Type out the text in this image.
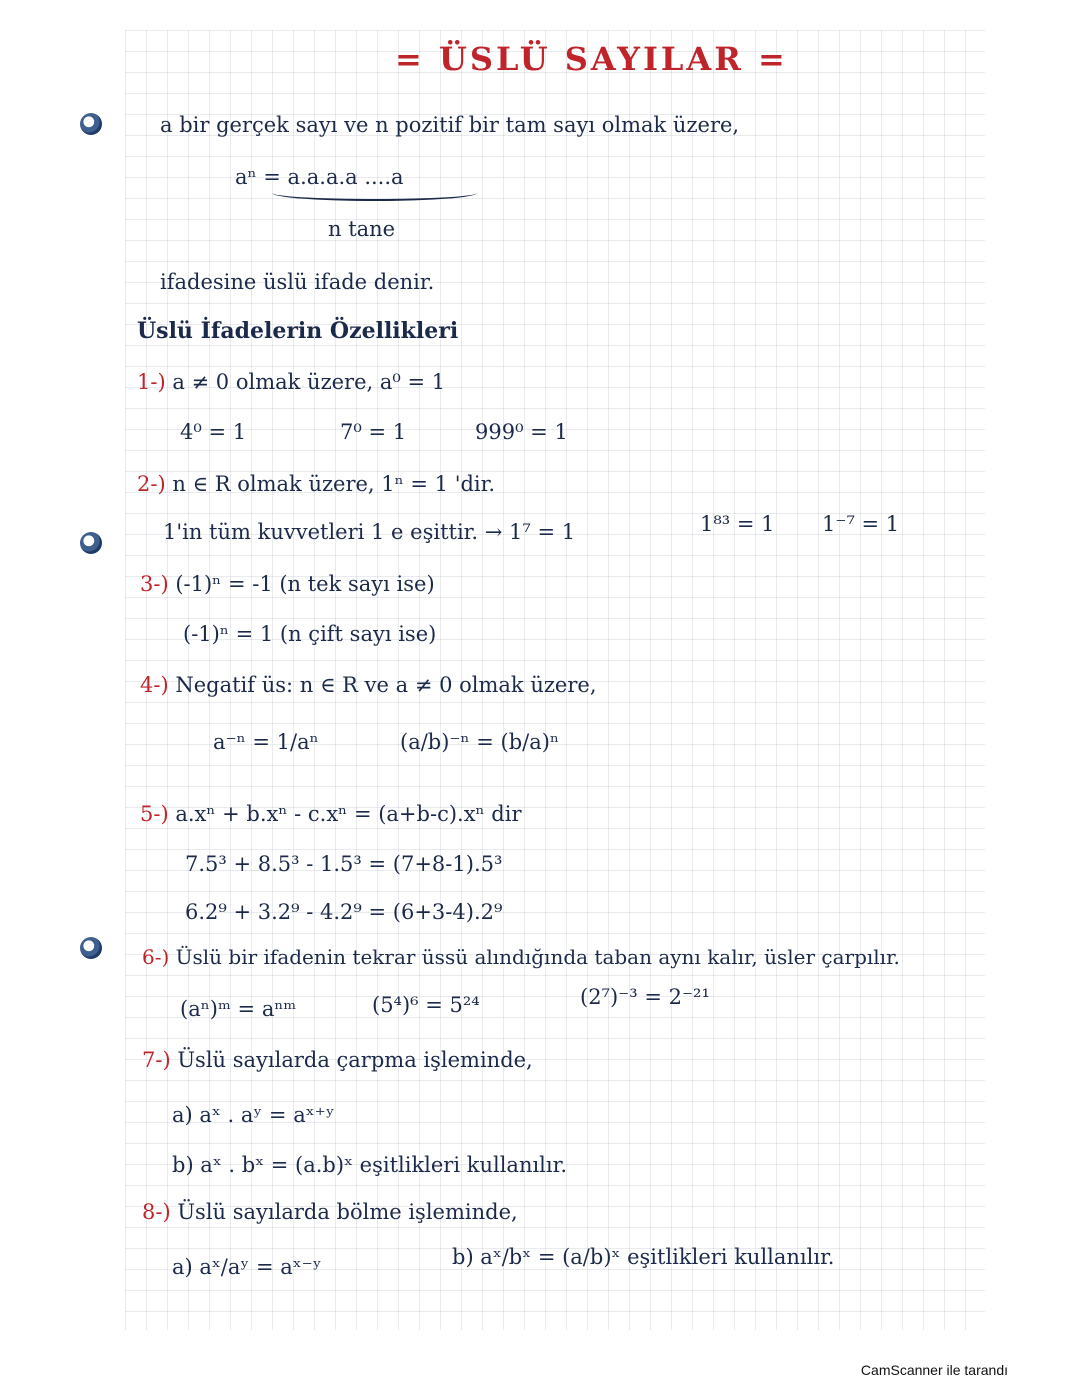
= ÜSLÜ SAYILAR =
a bir gerçek sayı ve n pozitif bir tam sayı olmak üzere,
aⁿ = a.a.a.a ....a
n tane
ifadesine üslü ifade denir.
Üslü İfadelerin Özellikleri
1-) a ≠ 0 olmak üzere, a⁰ = 1
4⁰ = 1	7⁰ = 1	999⁰ = 1
2-) n ∈ R olmak üzere, 1ⁿ = 1 'dir.
1'in tüm kuvvetleri 1 e eşittir. → 1⁷ = 1	1⁸³ = 1 1⁻⁷ = 1
3-) (-1)ⁿ = -1 (n tek sayı ise)
(-1)ⁿ = 1 (n çift sayı ise)
4-) Negatif üs: n ∈ R ve a ≠ 0 olmak üzere,
a⁻ⁿ = 1/aⁿ	(a/b)⁻ⁿ = (b/a)ⁿ
5-) a.xⁿ + b.xⁿ - c.xⁿ = (a+b-c).xⁿ dir
7.5³ + 8.5³ - 1.5³ = (7+8-1).5³
6.2⁹ + 3.2⁹ - 4.2⁹ = (6+3-4).2⁹
6-) Üslü bir ifadenin tekrar üssü alındığında taban aynı kalır, üsler çarpılır.
(aⁿ)ᵐ = aⁿᵐ	(5⁴)⁶ = 5²⁴	(2⁷)⁻³ = 2⁻²¹
7-) Üslü sayılarda çarpma işleminde,
a) aˣ . aʸ = aˣ⁺ʸ
b) aˣ . bˣ = (a.b)ˣ eşitlikleri kullanılır.
8-) Üslü sayılarda bölme işleminde,
a) aˣ/aʸ = aˣ⁻ʸ	b) aˣ/bˣ = (a/b)ˣ eşitlikleri kullanılır.
CamScanner ile tarandı
